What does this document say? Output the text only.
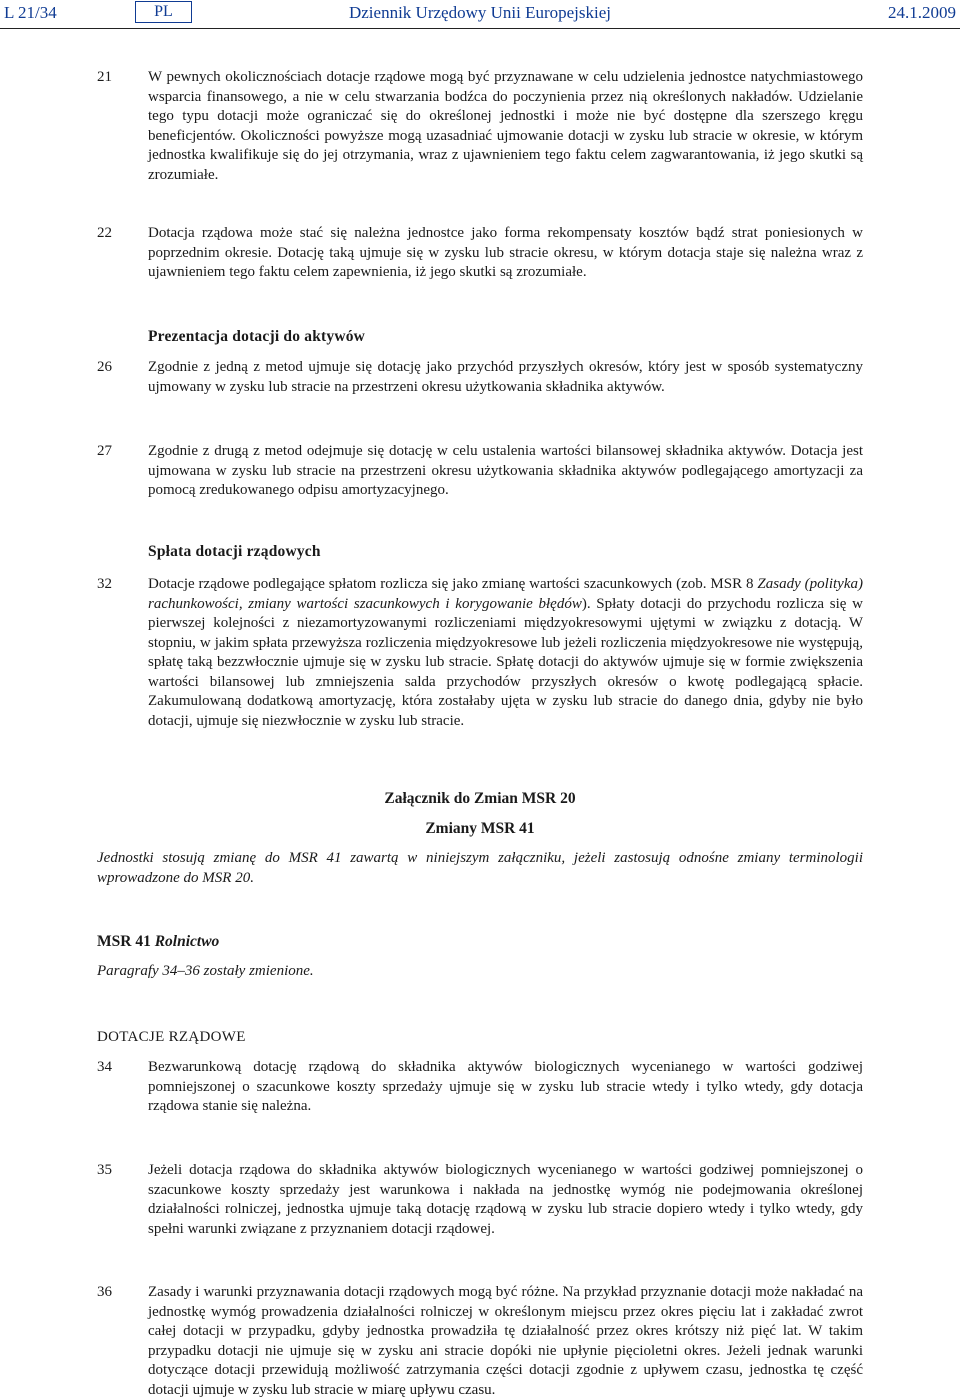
L 21/34	PL	Dziennik Urzędowy Unii Europejskiej	24.1.2009
21 W pewnych okolicznościach dotacje rządowe mogą być przyznawane w celu udzielenia jednostce natychmiastowego wsparcia finansowego, a nie w celu stwarzania bodźca do poczynienia przez nią określonych nakładów. Udzielanie tego typu dotacji może ograniczać się do określonej jednostki i może nie być dostępne dla szerszego kręgu beneficjentów. Okoliczności powyższe mogą uzasadniać ujmowanie dotacji w zysku lub stracie w okresie, w którym jednostka kwalifikuje się do jej otrzymania, wraz z ujawnieniem tego faktu celem zagwarantowania, iż jego skutki są zrozumiałe.
22 Dotacja rządowa może stać się należna jednostce jako forma rekompensaty kosztów bądź strat poniesionych w poprzednim okresie. Dotację taką ujmuje się w zysku lub stracie okresu, w którym dotacja staje się należna wraz z ujawnieniem tego faktu celem zapewnienia, iż jego skutki są zrozumiałe.
Prezentacja dotacji do aktywów
26 Zgodnie z jedną z metod ujmuje się dotację jako przychód przyszłych okresów, który jest w sposób systematyczny ujmowany w zysku lub stracie na przestrzeni okresu użytkowania składnika aktywów.
27 Zgodnie z drugą z metod odejmuje się dotację w celu ustalenia wartości bilansowej składnika aktywów. Dotacja jest ujmowana w zysku lub stracie na przestrzeni okresu użytkowania składnika aktywów podlegającego amortyzacji za pomocą zredukowanego odpisu amortyzacyjnego.
Spłata dotacji rządowych
32 Dotacje rządowe podlegające spłatom rozlicza się jako zmianę wartości szacunkowych (zob. MSR 8 Zasady (polityka) rachunkowości, zmiany wartości szacunkowych i korygowanie błędów). Spłaty dotacji do przychodu rozlicza się w pierwszej kolejności z niezamortyzowanymi rozliczeniami międzyokresowymi ujętymi w związku z dotacją. W stopniu, w jakim spłata przewyższa rozliczenia międzyokresowe lub jeżeli rozliczenia międzyokresowe nie występują, spłatę taką bezzwłocznie ujmuje się w zysku lub stracie. Spłatę dotacji do aktywów ujmuje się w formie zwiększenia wartości bilansowej lub zmniejszenia salda przychodów przyszłych okresów o kwotę podlegającą spłacie. Zakumulowaną dodatkową amortyzację, która zostałaby ujęta w zysku lub stracie do danego dnia, gdyby nie było dotacji, ujmuje się niezwłocznie w zysku lub stracie.
Załącznik do Zmian MSR 20
Zmiany MSR 41
Jednostki stosują zmianę do MSR 41 zawartą w niniejszym załączniku, jeżeli zastosują odnośne zmiany terminologii wprowadzone do MSR 20.
MSR 41 Rolnictwo
Paragrafy 34–36 zostały zmienione.
DOTACJE RZĄDOWE
34 Bezwarunkową dotację rządową do składnika aktywów biologicznych wycenianego w wartości godziwej pomniejszonej o szacunkowe koszty sprzedaży ujmuje się w zysku lub stracie wtedy i tylko wtedy, gdy dotacja rządowa stanie się należna.
35 Jeżeli dotacja rządowa do składnika aktywów biologicznych wycenianego w wartości godziwej pomniejszonej o szacunkowe koszty sprzedaży jest warunkowa i nakłada na jednostkę wymóg nie podejmowania określonej działalności rolniczej, jednostka ujmuje taką dotację rządową w zysku lub stracie dopiero wtedy i tylko wtedy, gdy spełni warunki związane z przyznaniem dotacji rządowej.
36 Zasady i warunki przyznawania dotacji rządowych mogą być różne. Na przykład przyznanie dotacji może nakładać na jednostkę wymóg prowadzenia działalności rolniczej w określonym miejscu przez okres pięciu lat i zakładać zwrot całej dotacji w przypadku, gdyby jednostka prowadziła tę działalność przez okres krótszy niż pięć lat. W takim przypadku dotacji nie ujmuje się w zysku ani stracie dopóki nie upłynie pięcioletni okres. Jeżeli jednak warunki dotyczące dotacji przewidują możliwość zatrzymania części dotacji zgodnie z upływem czasu, jednostka tę część dotacji ujmuje w zysku lub stracie w miarę upływu czasu.
